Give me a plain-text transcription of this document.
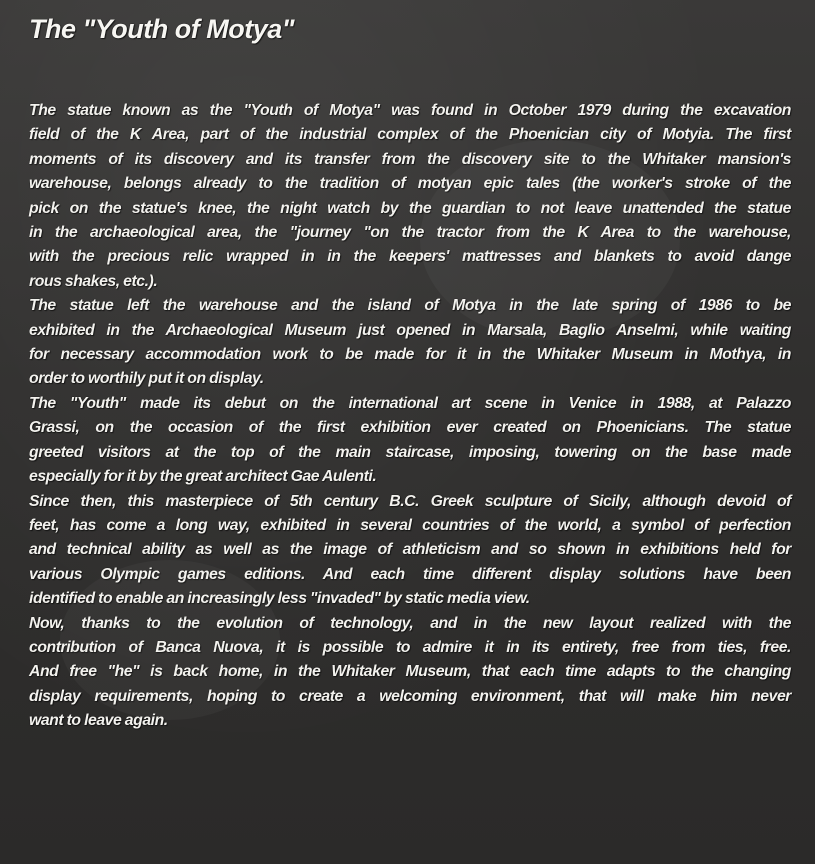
The "Youth of Motya"
The statue known as the "Youth of Motya" was found in October 1979 during the excavation
field of the K Area, part of the industrial complex of the Phoenician city of Motyia. The first
moments of its discovery and its transfer from the discovery site to the Whitaker mansion's
warehouse, belongs already to the tradition of motyan epic tales (the worker's stroke of the
pick on the statue's knee, the night watch by the guardian to not leave unattended the statue
in the archaeological area, the "journey "on the tractor from the K Area to the warehouse,
with the precious relic wrapped in in the keepers' mattresses and blankets to avoid dange
rous shakes, etc.).
The statue left the warehouse and the island of Motya in the late spring of 1986 to be
exhibited in the Archaeological Museum just opened in Marsala, Baglio Anselmi, while waiting
for necessary accommodation work to be made for it in the Whitaker Museum in Mothya, in
order to worthily put it on display.
The "Youth" made its debut on the international art scene in Venice in 1988, at Palazzo
Grassi, on the occasion of the first exhibition ever created on Phoenicians. The statue
greeted visitors at the top of the main staircase, imposing, towering on the base made
especially for it by the great architect Gae Aulenti.
Since then, this masterpiece of 5th century B.C. Greek sculpture of Sicily, although devoid of
feet, has come a long way, exhibited in several countries of the world, a symbol of perfection
and technical ability as well as the image of athleticism and so shown in exhibitions held for
various Olympic games editions. And each time different display solutions have been
identified to enable an increasingly less "invaded" by static media view.
Now, thanks to the evolution of technology, and in the new layout realized with the
contribution of Banca Nuova, it is possible to admire it in its entirety, free from ties, free.
And free "he" is back home, in the Whitaker Museum, that each time adapts to the changing
display requirements, hoping to create a welcoming environment, that will make him never
want to leave again.
